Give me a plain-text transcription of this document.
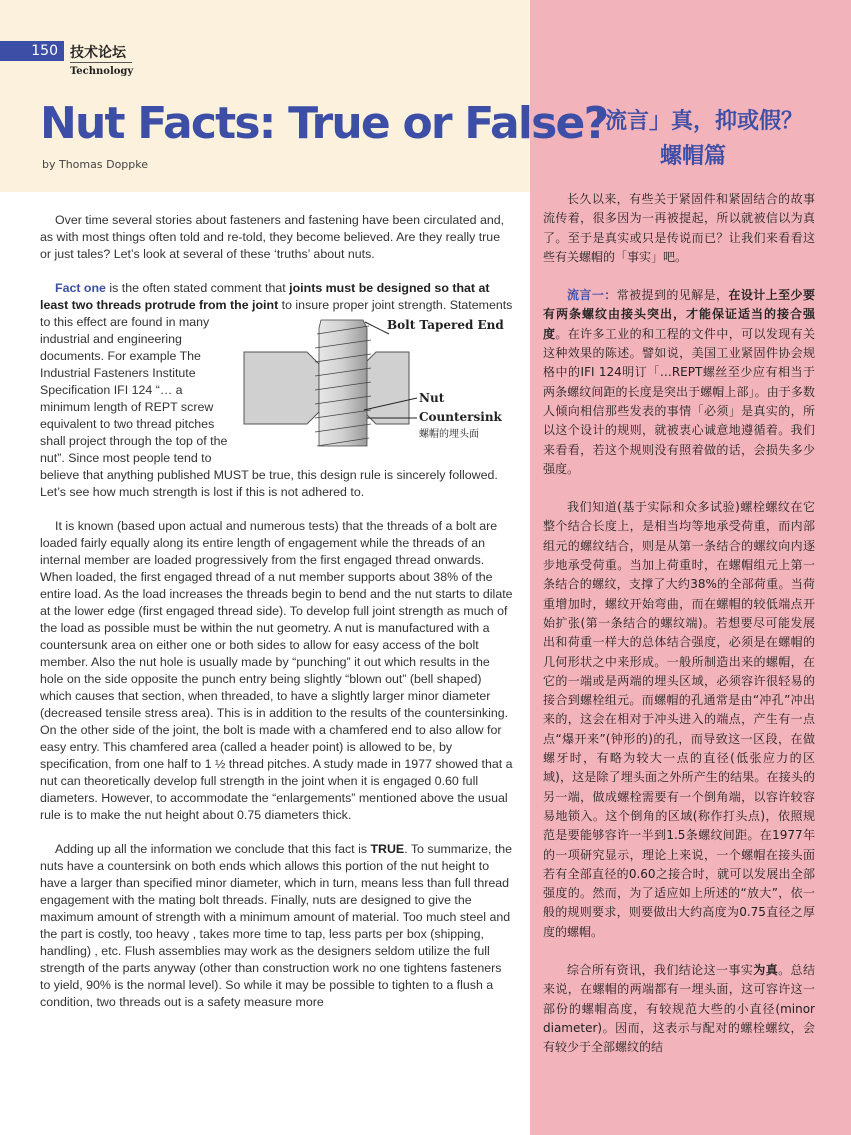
150 技术论坛
Technology
Nut Facts: True or False?
by Thomas Doppke
「流言」真，抑或假？
螺帽篇

Over time several stories about fasteners and fastening have been circulated and, as with most things often told and re-told, they become believed. Are they really true or just tales? Let’s look at several of these ‘truths’ about nuts.

Fact one is the often stated comment that joints must be designed so that at least two threads protrude from the joint
Bolt Tapered End
Nut
Countersink
螺帽的埋头面
to insure proper joint strength. Statements to this effect are found in many industrial and engineering documents. For example The Industrial Fasteners Institute Specification IFI 124 “… a minimum length of REPT screw equivalent to two thread pitches shall project through the top of the nut”. Since most people tend to believe that anything published MUST be true, this design rule is sincerely followed. Let’s see how much strength is lost if this is not adhered to.

It is known (based upon actual and numerous tests) that the threads of a bolt are loaded fairly equally along its entire length of engagement while the threads of an internal member are loaded progressively from the first engaged thread onwards. When loaded, the first engaged thread of a nut member supports about 38% of the entire load. As the load increases the threads begin to bend and the nut starts to dilate at the lower edge (first engaged thread side). To develop full joint strength as much of the load as possible must be within the nut geometry. A nut is manufactured with a countersunk area on either one or both sides to allow for easy access of the bolt member. Also the nut hole is usually made by “punching” it out which results in the hole on the side opposite the punch entry being slightly “blown out” (bell shaped) which causes that section, when threaded, to have a slightly larger minor diameter (decreased tensile stress area). This is in addition to the results of the countersinking. On the other side of the joint, the bolt is made with a chamfered end to also allow for easy entry. This chamfered area (called a header point) is allowed to be, by specification, from one half to 1 ½ thread pitches. A study made in 1977 showed that a nut can theoretically develop full strength in the joint when it is engaged 0.60 full diameters. However, to accommodate the “enlargements” mentioned above the usual rule is to make the nut height about 0.75 diameters thick.

Adding up all the information we conclude that this fact is TRUE. To summarize, the nuts have a countersink on both ends which allows this portion of the nut height to have a larger than specified minor diameter, which in turn, means less than full thread engagement with the mating bolt threads. Finally, nuts are designed to give the maximum amount of strength with a minimum amount of material. Too much steel and the part is costly, too heavy , takes more time to tap, less parts per box (shipping, handling) , etc. Flush assemblies may work as the designers seldom utilize the full strength of the parts anyway (other than construction work no one tightens fasteners to yield, 90% is the normal level). So while it may be possible to tighten to a flush a condition, two threads out is a safety measure more

长久以来，有些关于紧固件和紧固结合的故事流传着，很多因为一再被提起，所以就被信以为真了。至于是真实或只是传说而已？让我们来看看这些有关螺帽的「事实」吧。

流言一：常被提到的见解是，在设计上至少要有两条螺纹由接头突出，才能保证适当的接合强度。在许多工业的和工程的文件中，可以发现有关这种效果的陈述。譬如说，美国工业紧固件协会规格中的IFI 124明订「…REPT螺丝至少应有相当于两条螺纹间距的长度是突出于螺帽上部」。由于多数人倾向相信那些发表的事情「必须」是真实的，所以这个设计的规则，就被衷心诚意地遵循着。我们来看看，若这个规则没有照着做的话，会损失多少强度。

我们知道(基于实际和众多试验)螺栓螺纹在它整个结合长度上，是相当均等地承受荷重，而内部组元的螺纹结合，则是从第一条结合的螺纹向内逐步地承受荷重。当加上荷重时，在螺帽组元上第一条结合的螺纹，支撑了大约38%的全部荷重。当荷重增加时，螺纹开始弯曲，而在螺帽的较低端点开始扩张(第一条结合的螺纹端)。若想要尽可能发展出和荷重一样大的总体结合强度，必须是在螺帽的几何形状之中来形成。一般所制造出来的螺帽，在它的一端或是两端的埋头区域，必须容许很轻易的接合到螺栓组元。而螺帽的孔通常是由“冲孔”冲出来的，这会在相对于冲头进入的端点，产生有一点点“爆开来”(钟形的)的孔，而导致这一区段，在做螺牙时，有略为较大一点的直径(低张应力的区域)，这是除了埋头面之外所产生的结果。在接头的另一端，做成螺栓需要有一个倒角端，以容许较容易地锁入。这个倒角的区域(称作打头点)，依照规范是要能够容许一半到1.5条螺纹间距。在1977年的一项研究显示，理论上来说，一个螺帽在接头面若有全部直径的0.60之接合时，就可以发展出全部强度的。然而，为了适应如上所述的“放大”，依一般的规则要求，则要做出大约高度为0.75直径之厚度的螺帽。

综合所有资讯，我们结论这一事实为真。总结来说，在螺帽的两端都有一埋头面，这可容许这一部份的螺帽高度，有较规范大些的小直径(minor diameter)。因而，这表示与配对的螺栓螺纹，会有较少于全部螺纹的结
